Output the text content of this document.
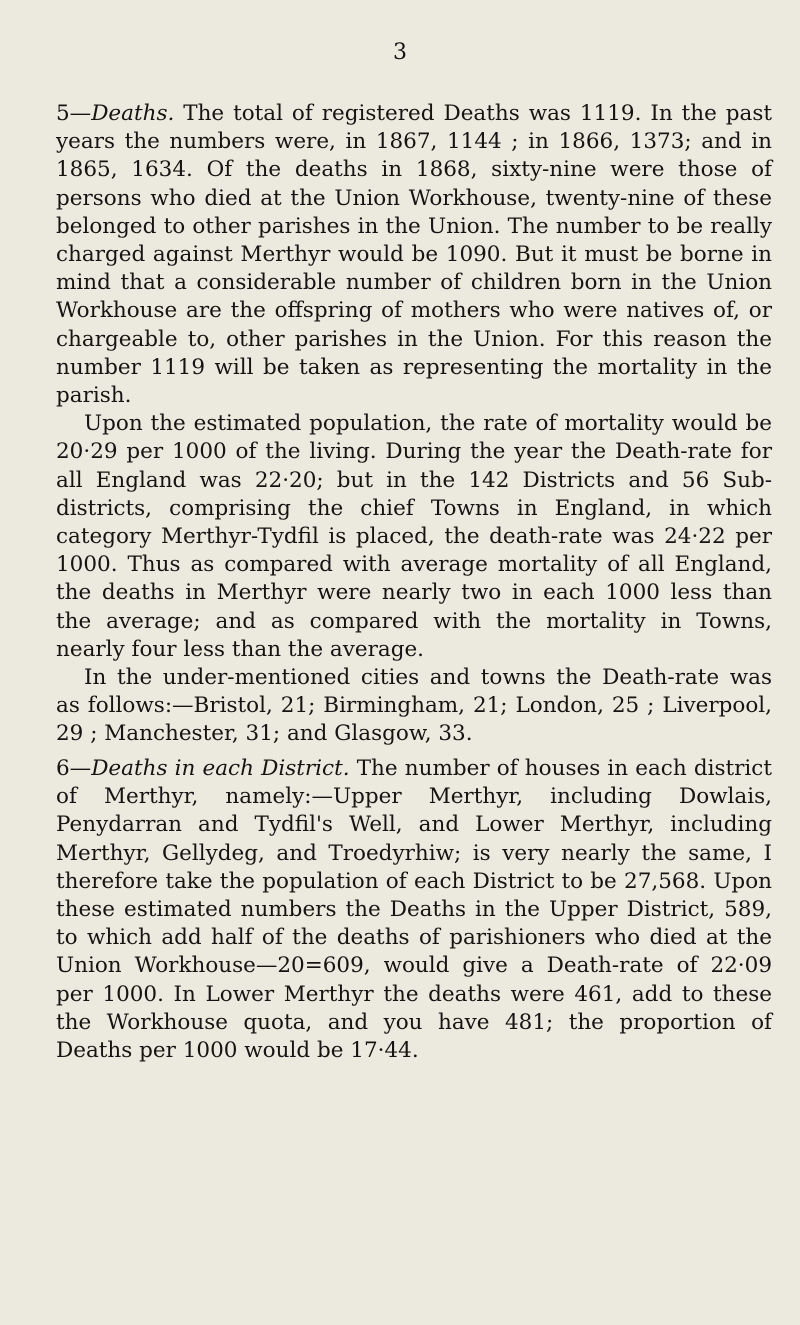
3

5—Deaths. The total of registered Deaths was 1119. In the past years the numbers were, in 1867, 1144 ; in 1866, 1373; and in 1865, 1634. Of the deaths in 1868, sixty-nine were those of persons who died at the Union Workhouse, twenty-nine of these belonged to other parishes in the Union. The number to be really charged against Merthyr would be 1090. But it must be borne in mind that a considerable number of children born in the Union Workhouse are the offspring of mothers who were natives of, or chargeable to, other parishes in the Union. For this reason the number 1119 will be taken as representing the mortality in the parish.

Upon the estimated population, the rate of mortality would be 20·29 per 1000 of the living. During the year the Death-rate for all England was 22·20; but in the 142 Districts and 56 Sub-districts, comprising the chief Towns in England, in which category Merthyr-Tydfil is placed, the death-rate was 24·22 per 1000. Thus as compared with average mortality of all England, the deaths in Merthyr were nearly two in each 1000 less than the average; and as compared with the mortality in Towns, nearly four less than the average.

In the under-mentioned cities and towns the Death-rate was as follows:—Bristol, 21; Birmingham, 21; London, 25 ; Liverpool, 29 ; Manchester, 31; and Glasgow, 33.

6—Deaths in each District. The number of houses in each district of Merthyr, namely:—Upper Merthyr, including Dowlais, Penydarran and Tydfil's Well, and Lower Merthyr, including Merthyr, Gellydeg, and Troedyrhiw; is very nearly the same, I therefore take the population of each District to be 27,568. Upon these estimated numbers the Deaths in the Upper District, 589, to which add half of the deaths of parishioners who died at the Union Workhouse—20=609, would give a Death-rate of 22·09 per 1000. In Lower Merthyr the deaths were 461, add to these the Workhouse quota, and you have 481; the proportion of Deaths per 1000 would be 17·44.
